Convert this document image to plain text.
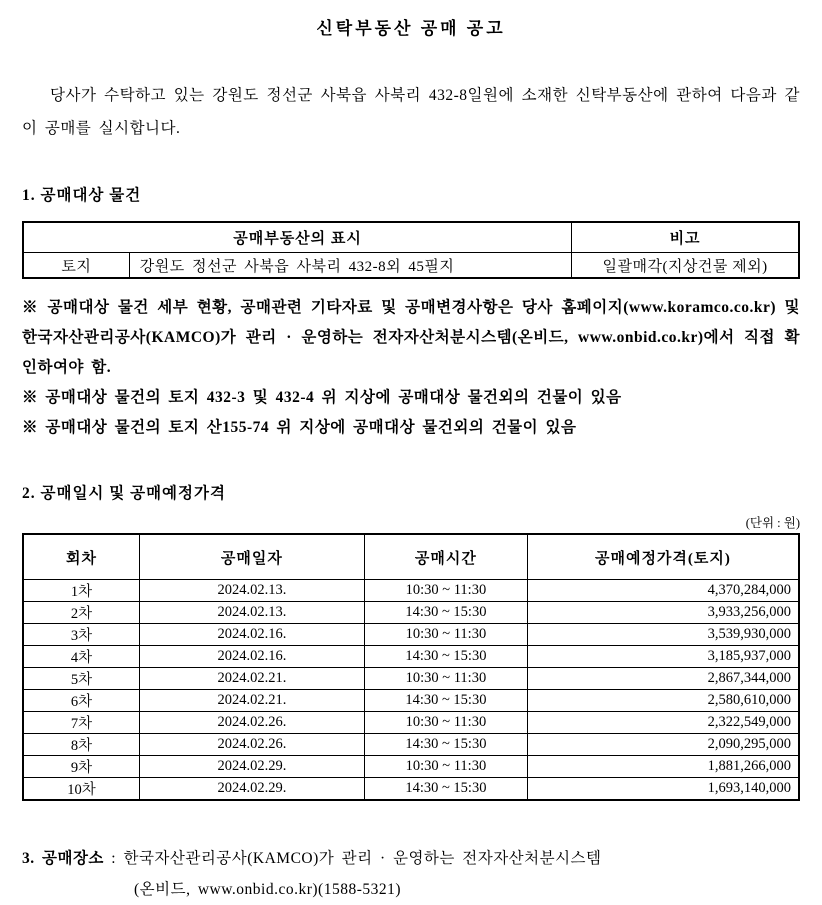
신탁부동산 공매 공고

당사가 수탁하고 있는 강원도 정선군 사북읍 사북리 432-8일원에 소재한 신탁부동산에 관하여 다음과 같이 공매를 실시합니다.

1. 공매대상 물건
공매부동산의 표시		비고
토지	강원도 정선군 사북읍 사북리 432-8외 45필지	일괄매각(지상건물 제외)

※ 공매대상 물건 세부 현황, 공매관련 기타자료 및 공매변경사항은 당사 홈페이지(www.koramco.co.kr) 및 한국자산관리공사(KAMCO)가 관리 · 운영하는 전자자산처분시스템(온비드, www.onbid.co.kr)에서 직접 확인하여야 함.

※ 공매대상 물건의 토지 432-3 및 432-4 위 지상에 공매대상 물건외의 건물이 있음

※ 공매대상 물건의 토지 산155-74 위 지상에 공매대상 물건외의 건물이 있음

2. 공매일시 및 공매예정가격
(단위 : 원)
회차	공매일자	공매시간	공매예정가격(토지)
1차	2024.02.13.	10:30 ~ 11:30	4,370,284,000
2차	2024.02.13.	14:30 ~ 15:30	3,933,256,000
3차	2024.02.16.	10:30 ~ 11:30	3,539,930,000
4차	2024.02.16.	14:30 ~ 15:30	3,185,937,000
5차	2024.02.21.	10:30 ~ 11:30	2,867,344,000
6차	2024.02.21.	14:30 ~ 15:30	2,580,610,000
7차	2024.02.26.	10:30 ~ 11:30	2,322,549,000
8차	2024.02.26.	14:30 ~ 15:30	2,090,295,000
9차	2024.02.29.	10:30 ~ 11:30	1,881,266,000
10차	2024.02.29.	14:30 ~ 15:30	1,693,140,000
3. 공매장소 : 한국자산관리공사(KAMCO)가 관리 · 운영하는 전자자산처분시스템
(온비드, www.onbid.co.kr)(1588-5321)
